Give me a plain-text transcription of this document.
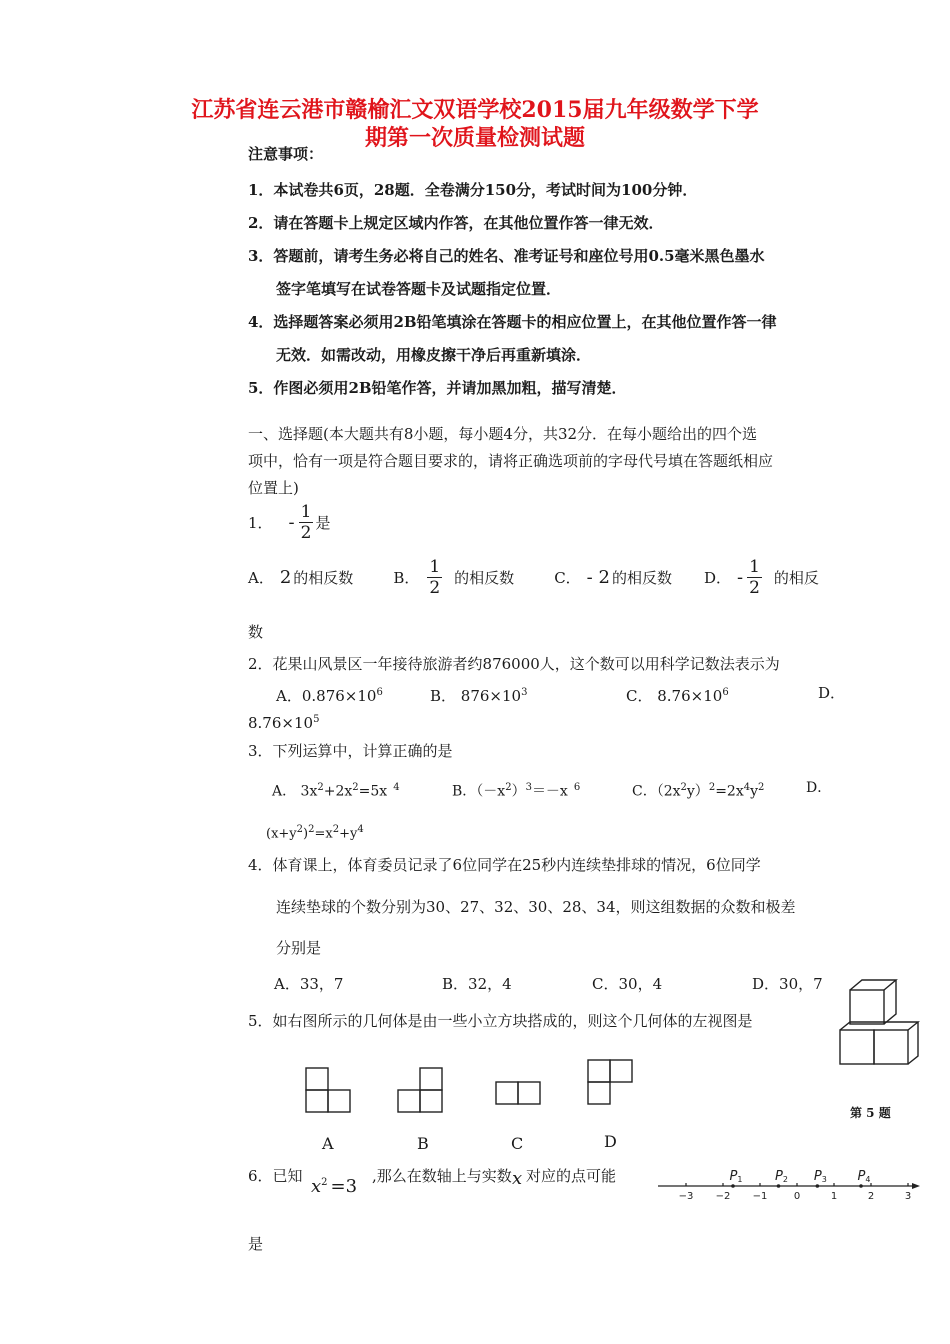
江苏省连云港市赣榆汇文双语学校2015届九年级数学下学
期第一次质量检测试题
注意事项：
1．本试卷共6页，28题．全卷满分150分，考试时间为100分钟．
2．请在答题卡上规定区域内作答，在其他位置作答一律无效．
3．答题前，请考生务必将自己的姓名、准考证号和座位号用0.5毫米黑色墨水
签字笔填写在试卷答题卡及试题指定位置．
4．选择题答案必须用2B铅笔填涂在答题卡的相应位置上，在其他位置作答一律
无效．如需改动，用橡皮擦干净后再重新填涂．
5．作图必须用2B铅笔作答，并请加黑加粗，描写清楚．
一、选择题(本大题共有8小题，每小题4分，共32分．在每小题给出的四个选
项中，恰有一项是符合题目要求的，请将正确选项前的字母代号填在答题纸相应
位置上)
1． - $\frac{1}{2}$ 是
A． 2 的相反数	B． $\frac{1}{2}$ 的相反数	C． - 2 的相反数 D． - $\frac{1}{2}$ 的相反
数
2．花果山风景区一年接待旅游者约876000人，这个数可以用科学记数法表示为
A．$0.876\times 10^6$	B． $876\times 10^3$	C． $8.76\times 10^6$	D．
$8.76\times 10^5$
3．下列运算中，计算正确的是
A． $3x^2+2x^2=5x$ $^4$	B．$(-x^2)^3=-x$ $^6$	C．$(2x^2y)^2=2x^4y^2$	D．
$(x+y^2)^2=x^2+y^4$
4．体育课上，体育委员记录了6位同学在25秒内连续垫排球的情况，6位同学
连续垫球的个数分别为30、27、32、30、28、34，则这组数据的众数和极差
分别是
A．33，7	B．32，4	C．30，4	D．30，7
5．如右图所示的几何体是由一些小立方块搭成的，则这个几何体的左视图是
第 5 题
A	B	C	D
6．已知 $x^2 =3$ ,那么在数轴上与实数 x 对应的点可能
是
−3 −2 −1	0	1	2	3
P1	P2 P3 P4
